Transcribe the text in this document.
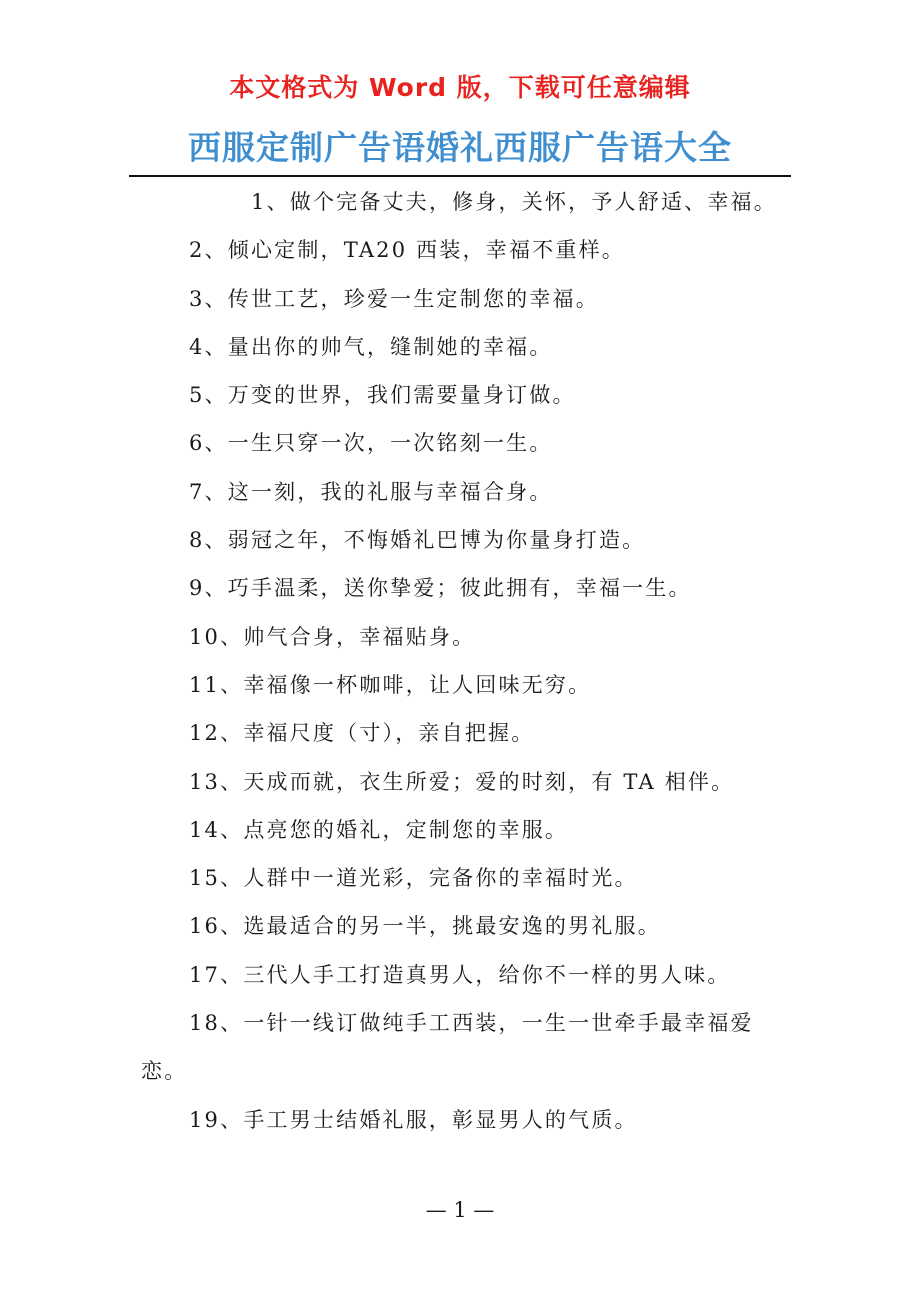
本文格式为 Word 版，下载可任意编辑
西服定制广告语婚礼西服广告语大全

1、做个完备丈夫，修身，关怀，予人舒适、幸福。

2、倾心定制，TA20 西装，幸福不重样。

3、传世工艺，珍爱一生定制您的幸福。

4、量出你的帅气，缝制她的幸福。

5、万变的世界，我们需要量身订做。

6、一生只穿一次，一次铭刻一生。

7、这一刻，我的礼服与幸福合身。

8、弱冠之年，不悔婚礼巴博为你量身打造。

9、巧手温柔，送你挚爱；彼此拥有，幸福一生。

10、帅气合身，幸福贴身。

11、幸福像一杯咖啡，让人回味无穷。

12、幸福尺度（寸），亲自把握。

13、天成而就，衣生所爱；爱的时刻，有 TA 相伴。

14、点亮您的婚礼，定制您的幸服。

15、人群中一道光彩，完备你的幸福时光。

16、选最适合的另一半，挑最安逸的男礼服。

17、三代人手工打造真男人，给你不一样的男人味。

18、一针一线订做纯手工西装，一生一世牵手最幸福爱恋。

19、手工男士结婚礼服，彰显男人的气质。

— 1 —
